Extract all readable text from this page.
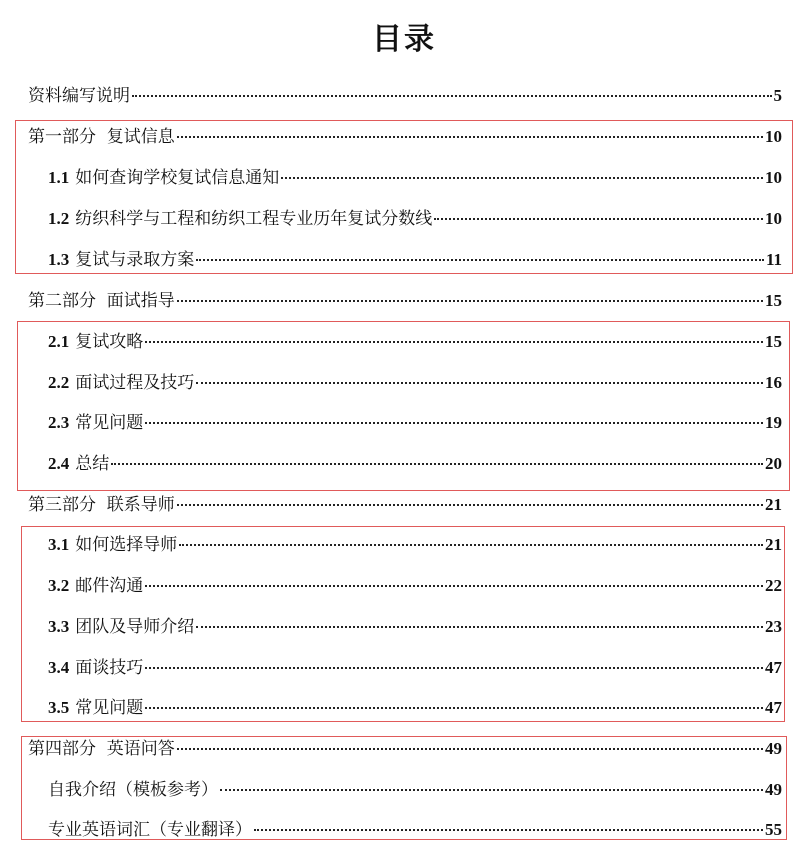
目录
资料编写说明	5
第一部分  复试信息	10
1.1 如何查询学校复试信息通知	10
1.2 纺织科学与工程和纺织工程专业历年复试分数线	10
1.3 复试与录取方案	11
第二部分  面试指导	15
2.1 复试攻略	15
2.2 面试过程及技巧	16
2.3 常见问题	19
2.4 总结	20
第三部分  联系导师	21
3.1 如何选择导师	21
3.2 邮件沟通	22
3.3 团队及导师介绍	23
3.4 面谈技巧	47
3.5 常见问题	47
第四部分  英语问答	49
自我介绍（模板参考）	49
专业英语词汇（专业翻译）	55
